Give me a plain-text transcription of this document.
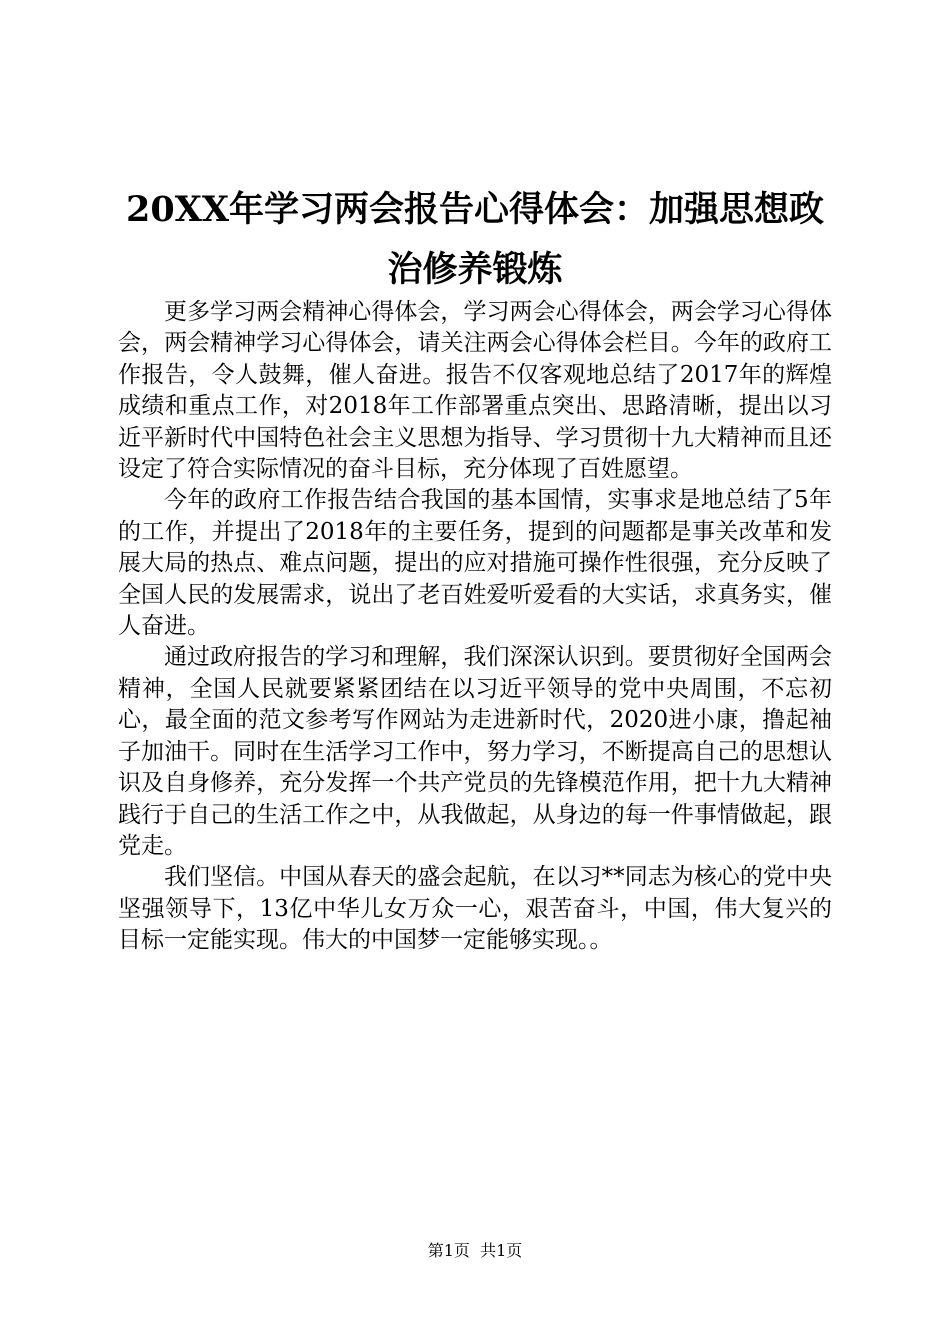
20XX年学习两会报告心得体会：加强思想政治修养锻炼

更多学习两会精神心得体会，学习两会心得体会，两会学习心得体会，两会精神学习心得体会，请关注两会心得体会栏目。今年的政府工作报告，令人鼓舞，催人奋进。报告不仅客观地总结了2017年的辉煌成绩和重点工作，对2018年工作部署重点突出、思路清晰，提出以习近平新时代中国特色社会主义思想为指导、学习贯彻十九大精神而且还设定了符合实际情况的奋斗目标，充分体现了百姓愿望。

今年的政府工作报告结合我国的基本国情，实事求是地总结了5年的工作，并提出了2018年的主要任务，提到的问题都是事关改革和发展大局的热点、难点问题，提出的应对措施可操作性很强，充分反映了全国人民的发展需求，说出了老百姓爱听爱看的大实话，求真务实，催人奋进。

通过政府报告的学习和理解，我们深深认识到。要贯彻好全国两会精神，全国人民就要紧紧团结在以习近平领导的党中央周围，不忘初心，最全面的范文参考写作网站为走进新时代，2020进小康，撸起袖子加油干。同时在生活学习工作中，努力学习，不断提高自己的思想认识及自身修养，充分发挥一个共产党员的先锋模范作用，把十九大精神践行于自己的生活工作之中，从我做起，从身边的每一件事情做起，跟党走。

我们坚信。中国从春天的盛会起航，在以习**同志为核心的党中央坚强领导下，13亿中华儿女万众一心，艰苦奋斗，中国，伟大复兴的目标一定能实现。伟大的中国梦一定能够实现。。

第1页 共1页
